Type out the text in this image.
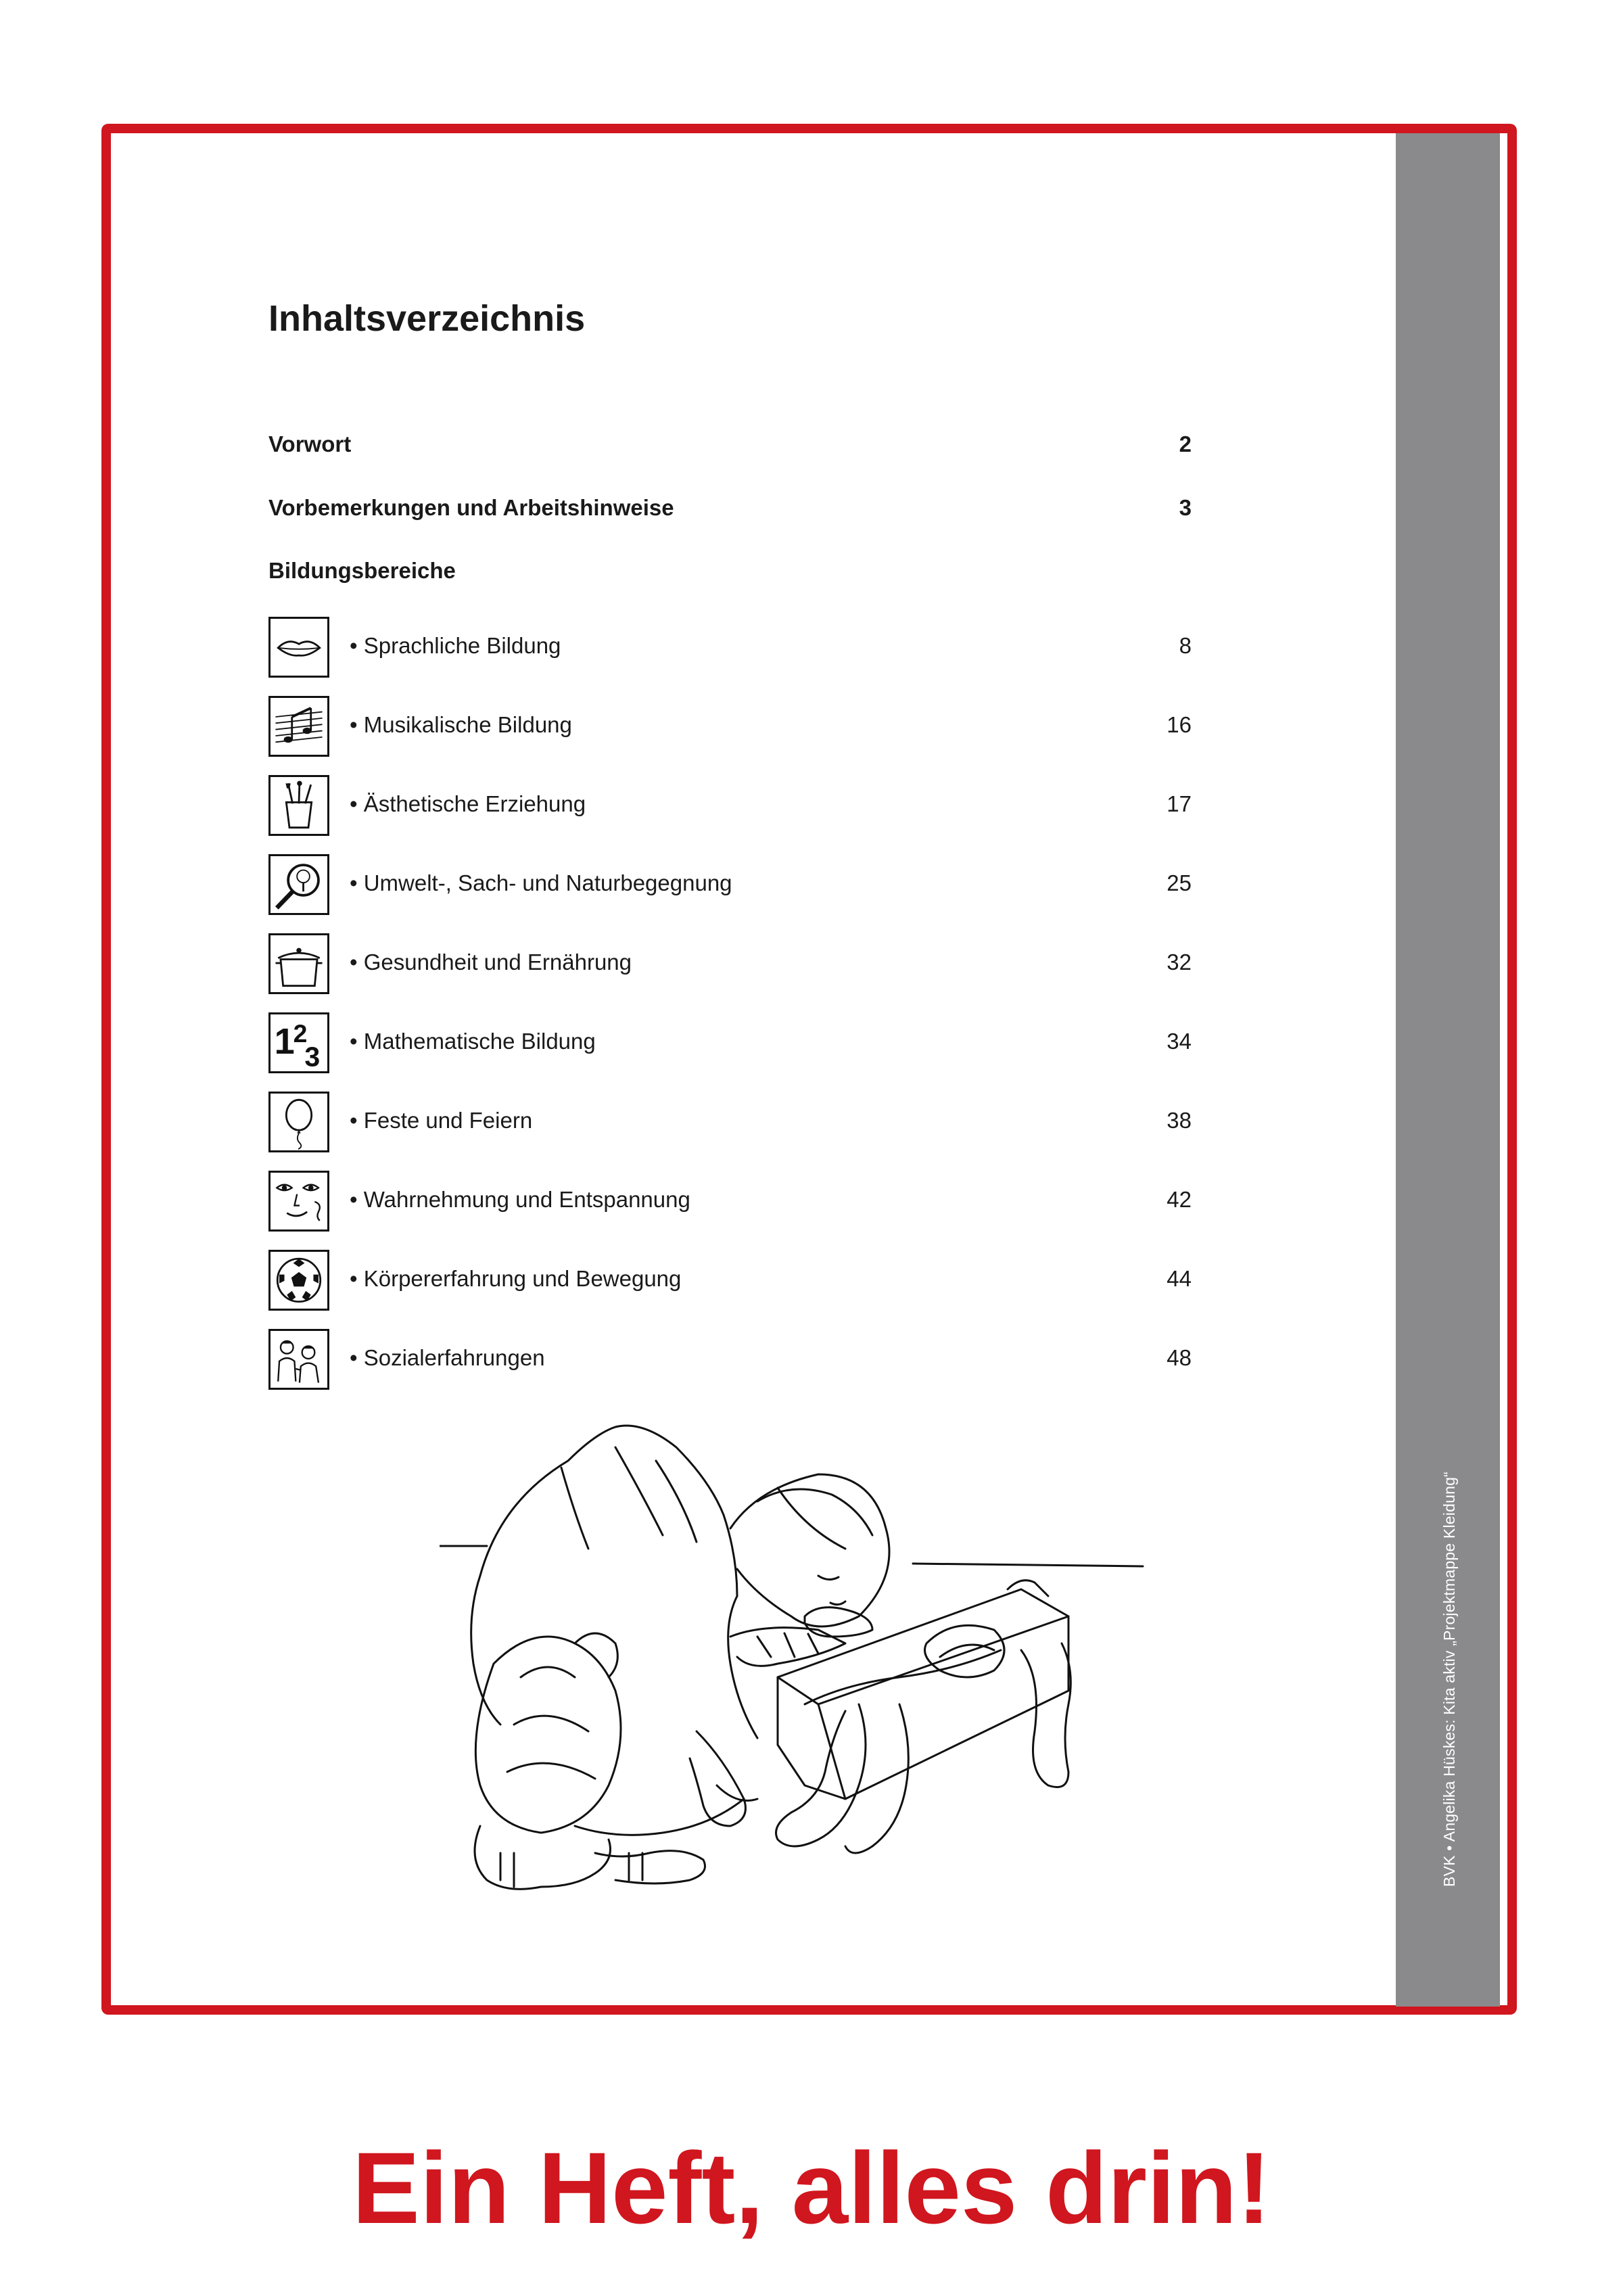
BVK • Angelika Hüskes: Kita aktiv „Projektmappe Kleidung“
Inhaltsverzeichnis
Vorwort	2
Vorbemerkungen und Arbeitshinweise	3
Bildungsbereiche
• Sprachliche Bildung	8
• Musikalische Bildung	16
• Ästhetische Erziehung	17
• Umwelt-, Sach- und Naturbegegnung	25
• Gesundheit und Ernährung	32
1
2
3
• Mathematische Bildung	34
• Feste und Feiern	38
• Wahrnehmung und Entspannung	42
• Körpererfahrung und Bewegung	44
• Sozialerfahrungen	48
Ein Heft, alles drin!
